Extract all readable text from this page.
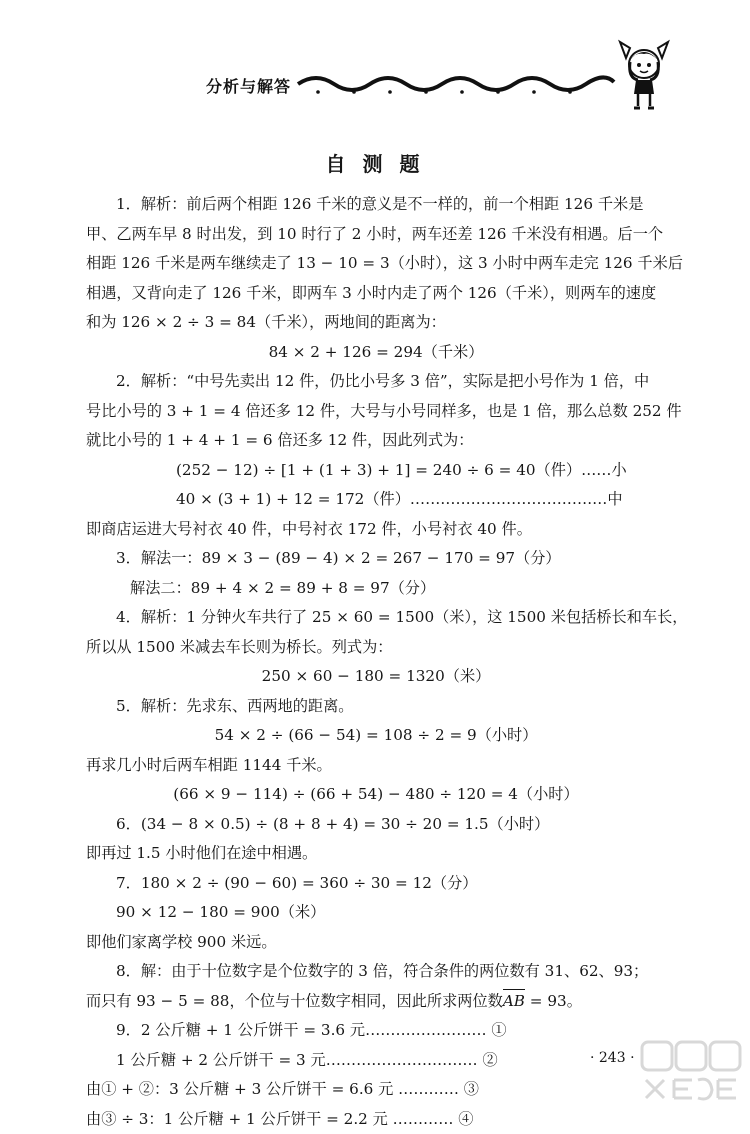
分析与解答
自 测 题
1．解析：前后两个相距 126 千米的意义是不一样的，前一个相距 126 千米是
甲、乙两车早 8 时出发，到 10 时行了 2 小时，两车还差 126 千米没有相遇。后一个
相距 126 千米是两车继续走了 13 − 10 = 3（小时），这 3 小时中两车走完 126 千米后
相遇，又背向走了 126 千米，即两车 3 小时内走了两个 126（千米），则两车的速度
和为 126 × 2 ÷ 3 = 84（千米），两地间的距离为：
84 × 2 + 126 = 294（千米）
2．解析：“中号先卖出 12 件，仍比小号多 3 倍”，实际是把小号作为 1 倍，中
号比小号的 3 + 1 = 4 倍还多 12 件，大号与小号同样多，也是 1 倍，那么总数 252 件
就比小号的 1 + 4 + 1 = 6 倍还多 12 件，因此列式为：
(252 − 12) ÷ [1 + (1 + 3) + 1] = 240 ÷ 6 = 40（件）…… 小
40 × (3 + 1) + 12 = 172（件）………………………………… 中
即商店运进大号衬衣 40 件，中号衬衣 172 件，小号衬衣 40 件。
3．解法一：89 × 3 − (89 − 4) × 2 = 267 − 170 = 97（分）
解法二：89 + 4 × 2 = 89 + 8 = 97（分）
4．解析：1 分钟火车共行了 25 × 60 = 1500（米），这 1500 米包括桥长和车长，
所以从 1500 米减去车长则为桥长。列式为：
250 × 60 − 180 = 1320（米）
5．解析：先求东、西两地的距离。
54 × 2 ÷ (66 − 54) = 108 ÷ 2 = 9（小时）
再求几小时后两车相距 1144 千米。
(66 × 9 − 114) ÷ (66 + 54) − 480 ÷ 120 = 4（小时）
6．(34 − 8 × 0.5) ÷ (8 + 8 + 4) = 30 ÷ 20 = 1.5（小时）
即再过 1.5 小时他们在途中相遇。
7．180 × 2 ÷ (90 − 60) = 360 ÷ 30 = 12（分）
90 × 12 − 180 = 900（米）
即他们家离学校 900 米远。
8．解：由于十位数字是个位数字的 3 倍，符合条件的两位数有 31、62、93；
而只有 93 − 5 = 88，个位与十位数字相同，因此所求两位数AB = 93。
9．2 公斤糖 + 1 公斤饼干 = 3.6 元…………………… ①
1 公斤糖 + 2 公斤饼干 = 3 元………………………… ②
由① + ②：3 公斤糖 + 3 公斤饼干 = 6.6 元 ………… ③
由③ ÷ 3：1 公斤糖 + 1 公斤饼干 = 2.2 元 ………… ④
· 243 ·
